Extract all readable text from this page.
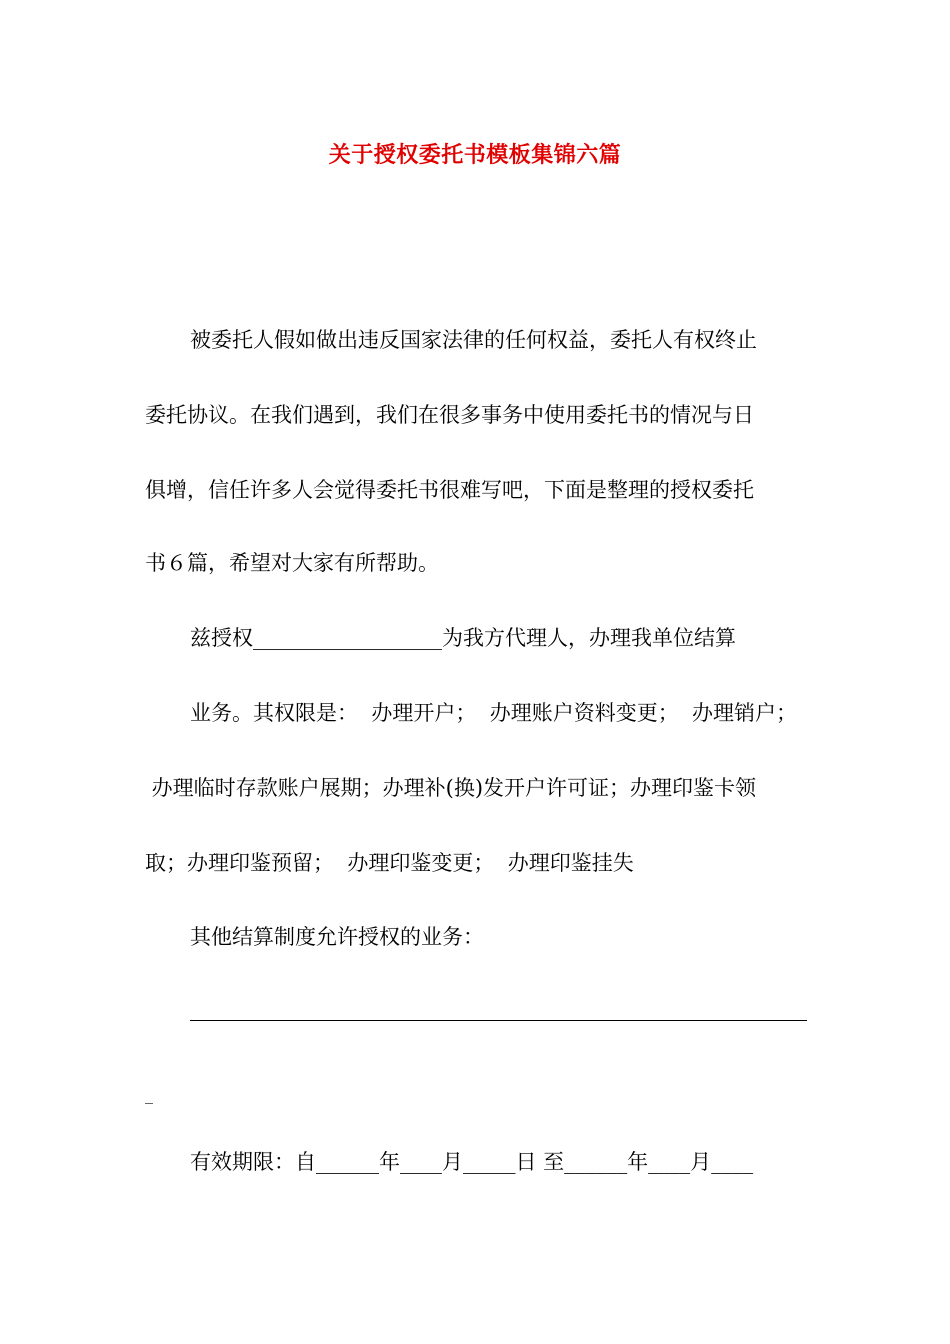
关于授权委托书模板集锦六篇
被委托人假如做出违反国家法律的任何权益，委托人有权终止
委托协议。在我们遇到，我们在很多事务中使用委托书的情况与日
俱增，信任许多人会觉得委托书很难写吧，下面是整理的授权委托
书６篇，希望对大家有所帮助。
兹授权__________________为我方代理人，办理我单位结算
业务。其权限是：  办理开户；  办理账户资料变更；  办理销户；
办理临时存款账户展期；办理补(换)发开户许可证；办理印鉴卡领
取；办理印鉴预留；  办理印鉴变更；  办理印鉴挂失
其他结算制度允许授权的业务：
_
有效期限：自______年____月_____日 至______年____月____
